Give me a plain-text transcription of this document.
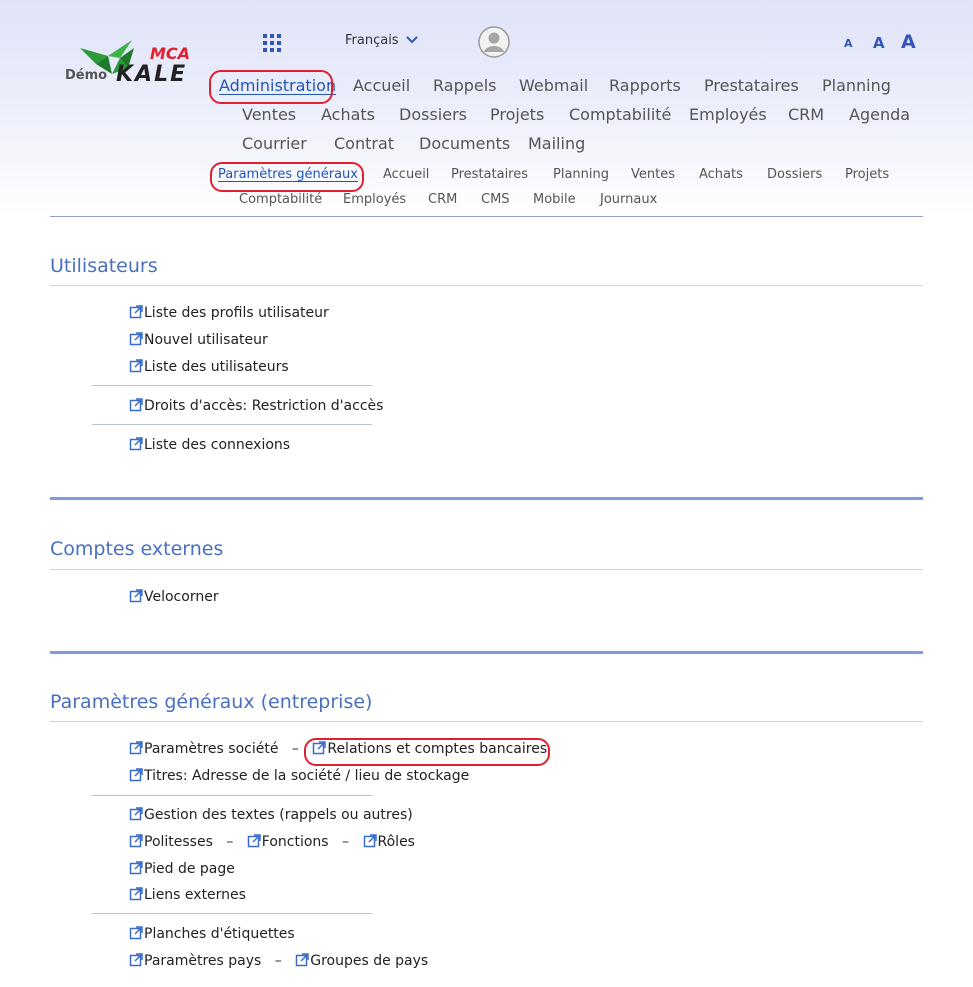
MCA
KALE
Démo
Français	A A A
Administration Accueil Rappels Webmail Rapports Prestataires Planning
Ventes Achats Dossiers Projets Comptabilité Employés CRM Agenda
Courrier Contrat Documents Mailing
Paramètres généraux Accueil Prestataires Planning Ventes Achats Dossiers Projets
Comptabilité Employés CRM CMS Mobile Journaux
Utilisateurs
Liste des profils utilisateur
Nouvel utilisateur
Liste des utilisateurs
Droits d'accès: Restriction d'accès
Liste des connexions
Comptes externes
Velocorner
Paramètres généraux (entreprise)
Paramètres société – Relations et comptes bancaires
Titres: Adresse de la société / lieu de stockage
Gestion des textes (rappels ou autres)
Politesses – Fonctions – Rôles
Pied de page
Liens externes
Planches d'étiquettes
Paramètres pays – Groupes de pays
